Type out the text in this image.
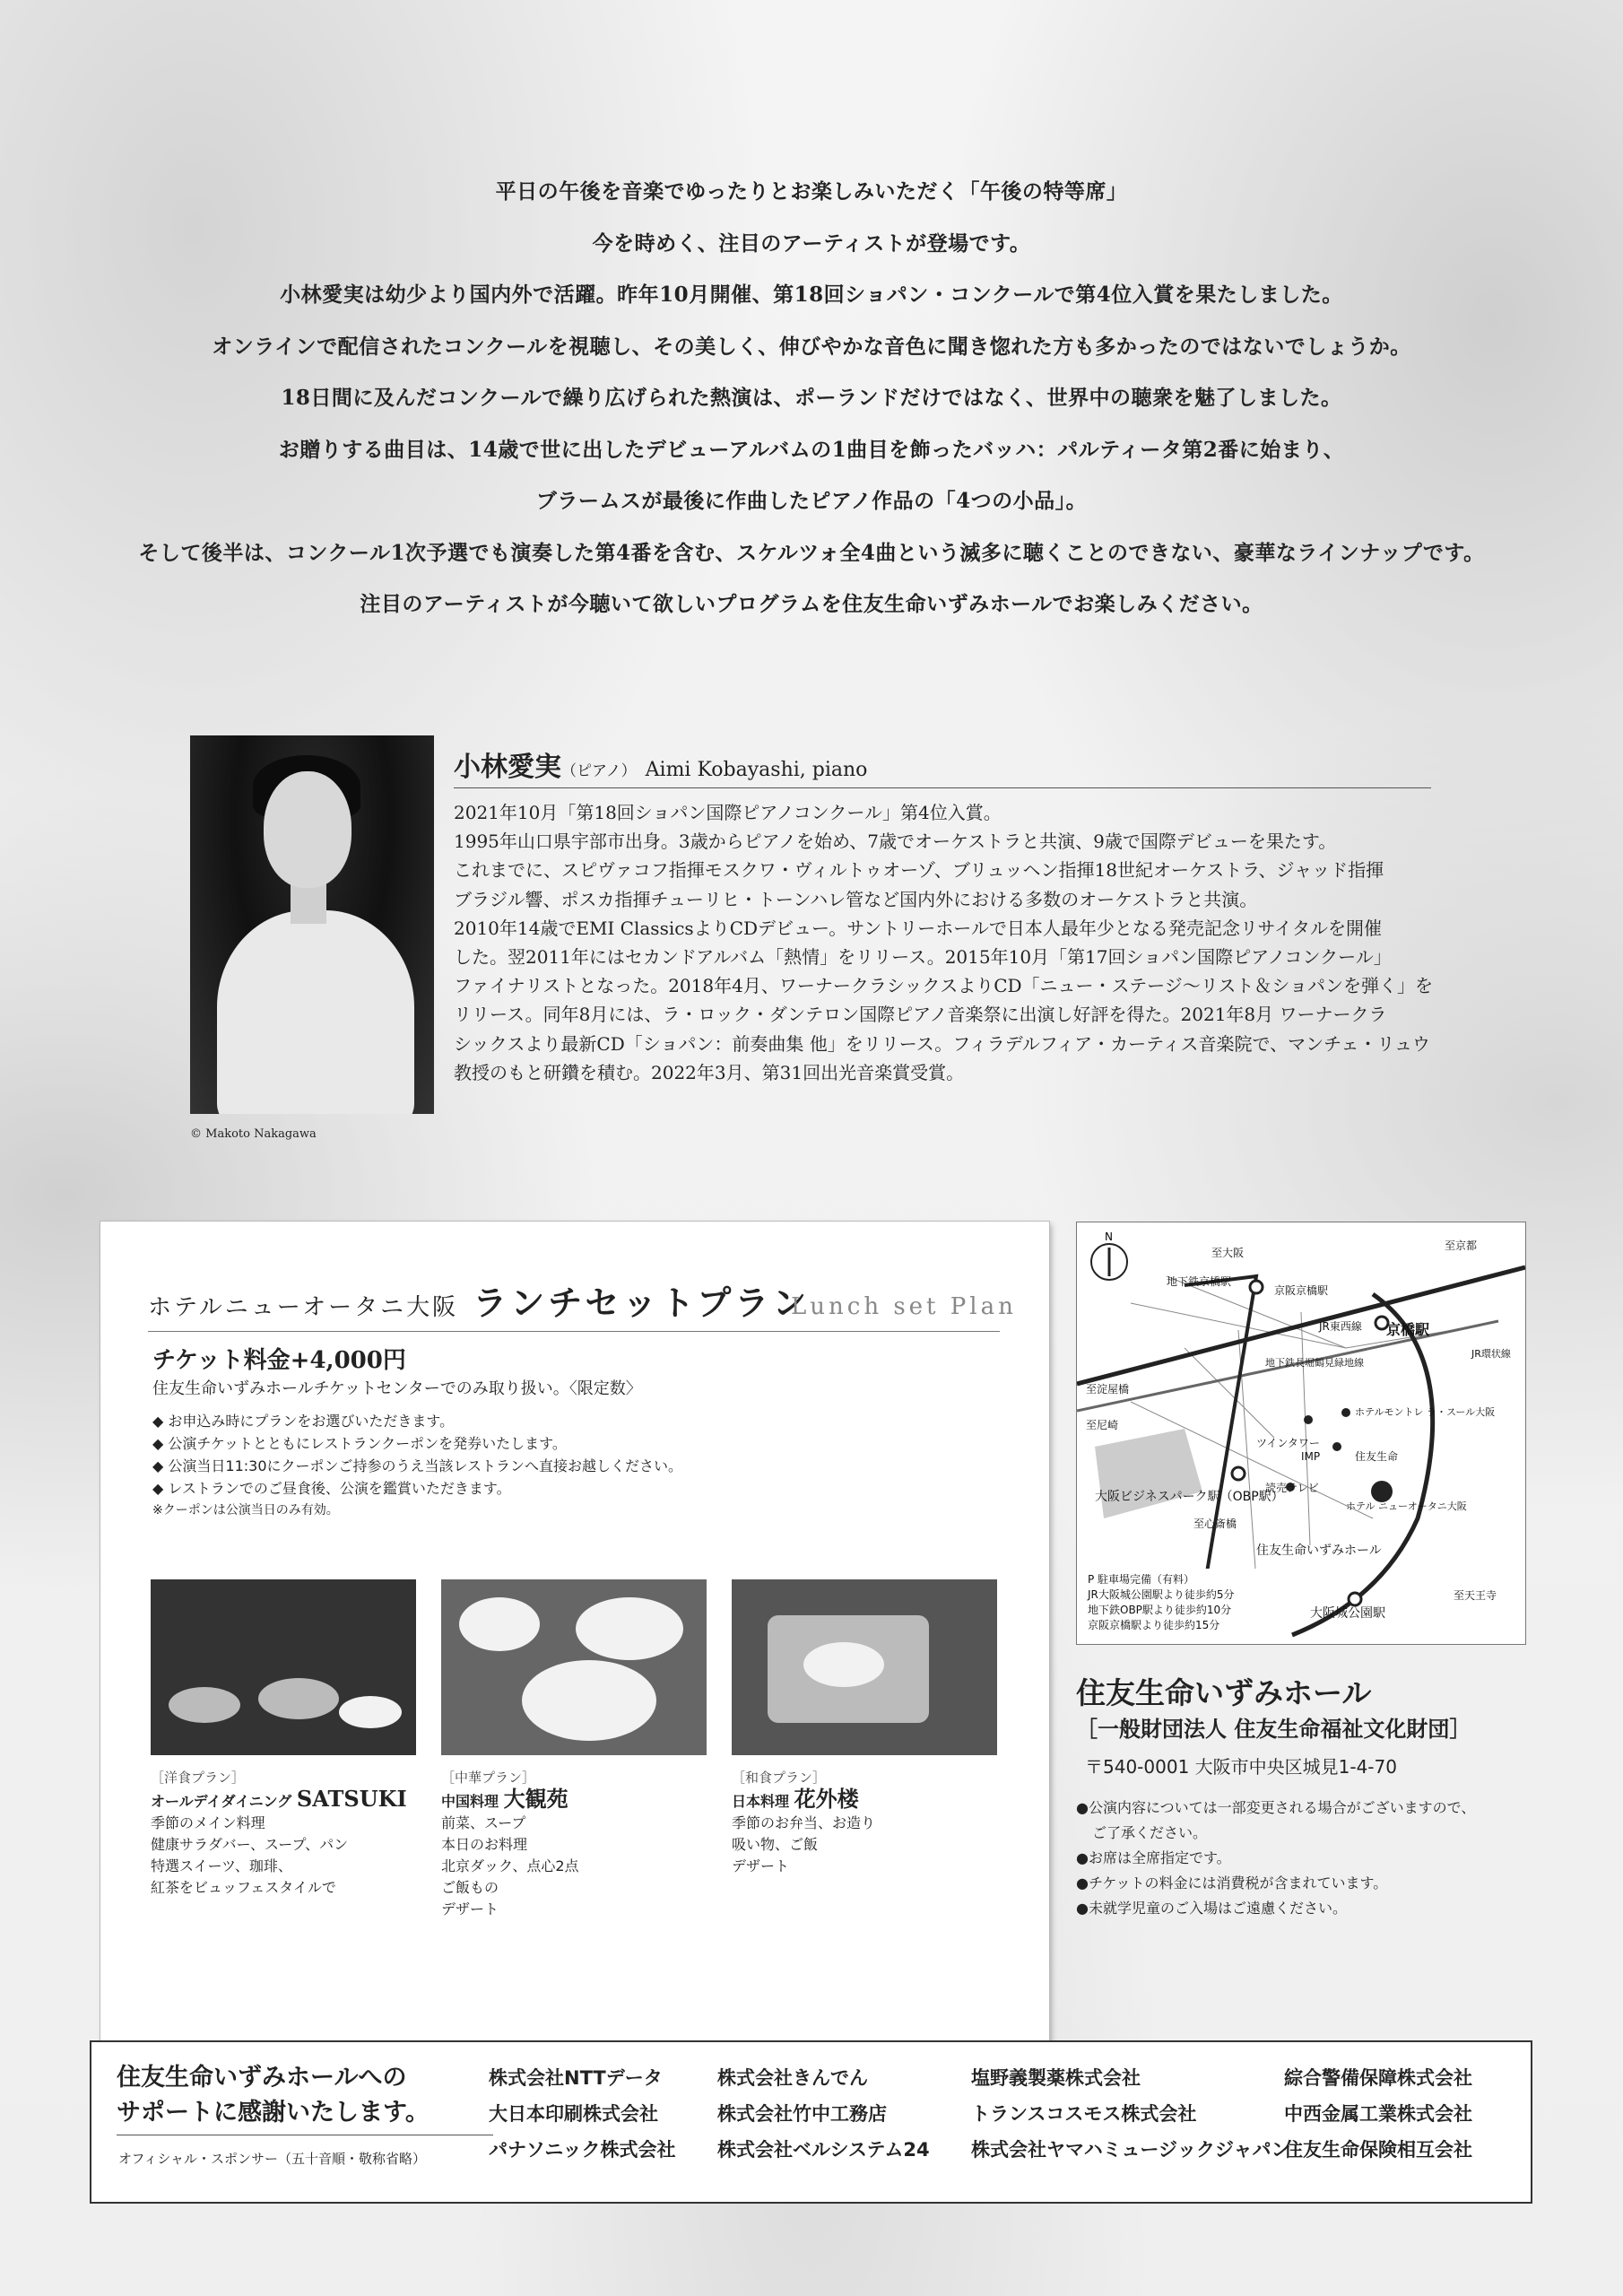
平日の午後を音楽でゆったりとお楽しみいただく「午後の特等席」
今を時めく、注目のアーティストが登場です。
小林愛実は幼少より国内外で活躍。昨年10月開催、第18回ショパン・コンクールで第4位入賞を果たしました。
オンラインで配信されたコンクールを視聴し、その美しく、伸びやかな音色に聞き惚れた方も多かったのではないでしょうか。
18日間に及んだコンクールで繰り広げられた熱演は、ポーランドだけではなく、世界中の聴衆を魅了しました。
お贈りする曲目は、14歳で世に出したデビューアルバムの1曲目を飾ったバッハ：パルティータ第2番に始まり、
ブラームスが最後に作曲したピアノ作品の「4つの小品」。
そして後半は、コンクール1次予選でも演奏した第4番を含む、スケルツォ全4曲という滅多に聴くことのできない、豪華なラインナップです。
注目のアーティストが今聴いて欲しいプログラムを住友生命いずみホールでお楽しみください。
© Makoto Nakagawa
小林愛実（ピアノ） Aimi Kobayashi, piano
2021年10月「第18回ショパン国際ピアノコンクール」第4位入賞。
1995年山口県宇部市出身。3歳からピアノを始め、7歳でオーケストラと共演、9歳で国際デビューを果たす。
これまでに、スピヴァコフ指揮モスクワ・ヴィルトゥオーゾ、ブリュッヘン指揮18世紀オーケストラ、ジャッド指揮
ブラジル響、ポスカ指揮チューリヒ・トーンハレ管など国内外における多数のオーケストラと共演。
2010年14歳でEMI ClassicsよりCDデビュー。サントリーホールで日本人最年少となる発売記念リサイタルを開催
した。翌2011年にはセカンドアルバム「熱情」をリリース。2015年10月「第17回ショパン国際ピアノコンクール」
ファイナリストとなった。2018年4月、ワーナークラシックスよりCD「ニュー・ステージ～リスト＆ショパンを弾く」を
リリース。同年8月には、ラ・ロック・ダンテロン国際ピアノ音楽祭に出演し好評を得た。2021年8月 ワーナークラ
シックスより最新CD「ショパン：前奏曲集 他」をリリース。フィラデルフィア・カーティス音楽院で、マンチェ・リュウ
教授のもと研鑽を積む。2022年3月、第31回出光音楽賞受賞。
ホテルニューオータニ大阪 ランチセットプラン
Lunch set Plan
チケット料金+4,000円
住友生命いずみホールチケットセンターでのみ取り扱い。〈限定数〉
◆ お申込み時にプランをお選びいただきます。
◆ 公演チケットとともにレストランクーポンを発券いたします。
◆ 公演当日11:30にクーポンご持参のうえ当該レストランへ直接お越しください。
◆ レストランでのご昼食後、公演を鑑賞いただきます。
※クーポンは公演当日のみ有効。
［洋食プラン］
オールデイダイニング SATSUKI
季節のメイン料理
健康サラダバー、スープ、パン
特選スイーツ、珈琲、
紅茶をビュッフェスタイルで
［中華プラン］
中国料理 大観苑
前菜、スープ
本日のお料理
北京ダック、点心2点
ご飯もの
デザート
［和食プラン］
日本料理 花外楼
季節のお弁当、お造り
吸い物、ご飯
デザート
N
至大阪
至京都
地下鉄京橋駅
京阪京橋駅
JR東西線
至淀屋橋
至尼崎
地下鉄長堀鶴見緑地線
JR環状線
ホテルモントレ ラ・スール大阪
ツインタワー
IMP	住友生命
読売テレビ
ホテル ニューオータニ大阪
至心斎橋
住友生命いずみホール
至天王寺
京橋駅
大阪ビジネスパーク駅（OBP駅）
大阪城公園駅
P 駐車場完備（有料）
JR大阪城公園駅より徒歩約5分
地下鉄OBP駅より徒歩約10分
京阪京橋駅より徒歩約15分
住友生命いずみホール
［一般財団法人 住友生命福祉文化財団］
〒540-0001 大阪市中央区城見1-4-70
●公演内容については一部変更される場合がございますので、
ご了承ください。
●お席は全席指定です。
●チケットの料金には消費税が含まれています。
●未就学児童のご入場はご遠慮ください。
住友生命いずみホールへの
サポートに感謝いたします。
オフィシャル・スポンサー（五十音順・敬称省略）
株式会社NTTデータ
大日本印刷株式会社
パナソニック株式会社
株式会社きんでん
株式会社竹中工務店
株式会社ベルシステム24
塩野義製薬株式会社
トランスコスモス株式会社
株式会社ヤマハミュージックジャパン
綜合警備保障株式会社
中西金属工業株式会社
住友生命保険相互会社
